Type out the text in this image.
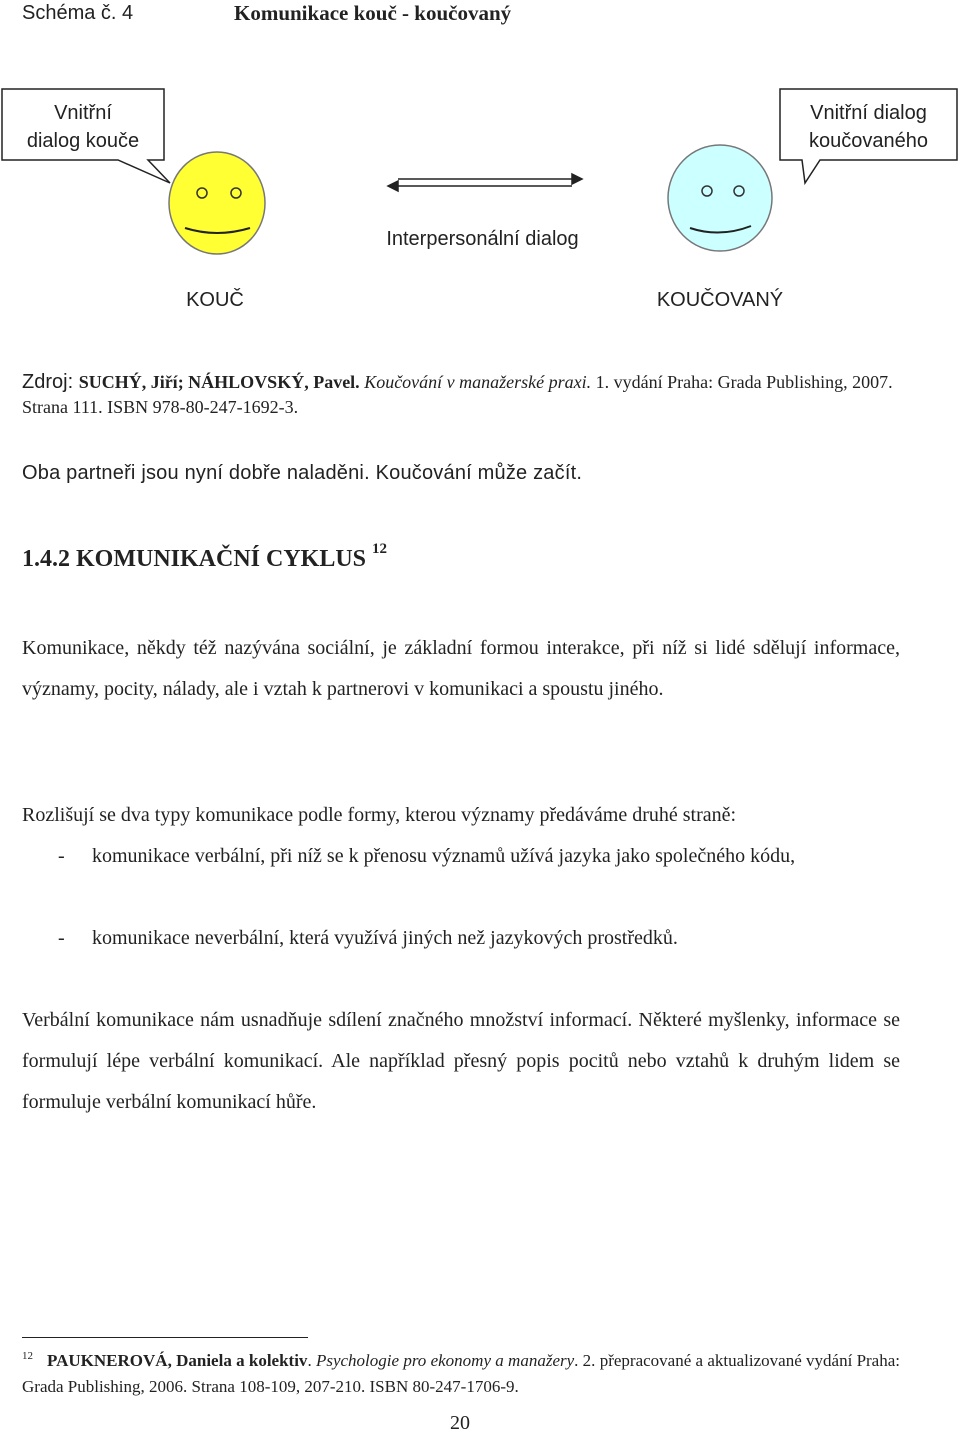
Schéma č. 4	Komunikace kouč - koučovaný
Vnitřní
dialog kouče
Vnitřní dialog
koučovaného
Interpersonální dialog
KOUČ	KOUČOVANÝ
Zdroj: SUCHÝ, Jiří; NÁHLOVSKÝ, Pavel. Koučování v manažerské praxi. 1. vydání Praha: Grada Publishing, 2007. Strana 111. ISBN 978-80-247-1692-3.
Oba partneři jsou nyní dobře naladěni. Koučování může začít.
1.4.2 KOMUNIKAČNÍ CYKLUS $^{12}$
Komunikace, někdy též nazývána sociální, je základní formou interakce, při níž si lidé sdělují informace, významy, pocity, nálady, ale i vztah k partnerovi v komunikaci a spoustu jiného.
Rozlišují se dva typy komunikace podle formy, kterou významy předáváme druhé straně:
- komunikace verbální, při níž se k přenosu významů užívá jazyka jako společného kódu,
- komunikace neverbální, která využívá jiných než jazykových prostředků.
Verbální komunikace nám usnadňuje sdílení značného množství informací. Některé myšlenky, informace se formulují lépe verbální komunikací. Ale například přesný popis pocitů nebo vztahů k druhým lidem se formuluje verbální komunikací hůře.
$^{12}$ PAUKNEROVÁ, Daniela a kolektiv. Psychologie pro ekonomy a manažery. 2. přepracované a aktualizované vydání Praha: Grada Publishing, 2006. Strana 108-109, 207-210. ISBN 80-247-1706-9.
20
